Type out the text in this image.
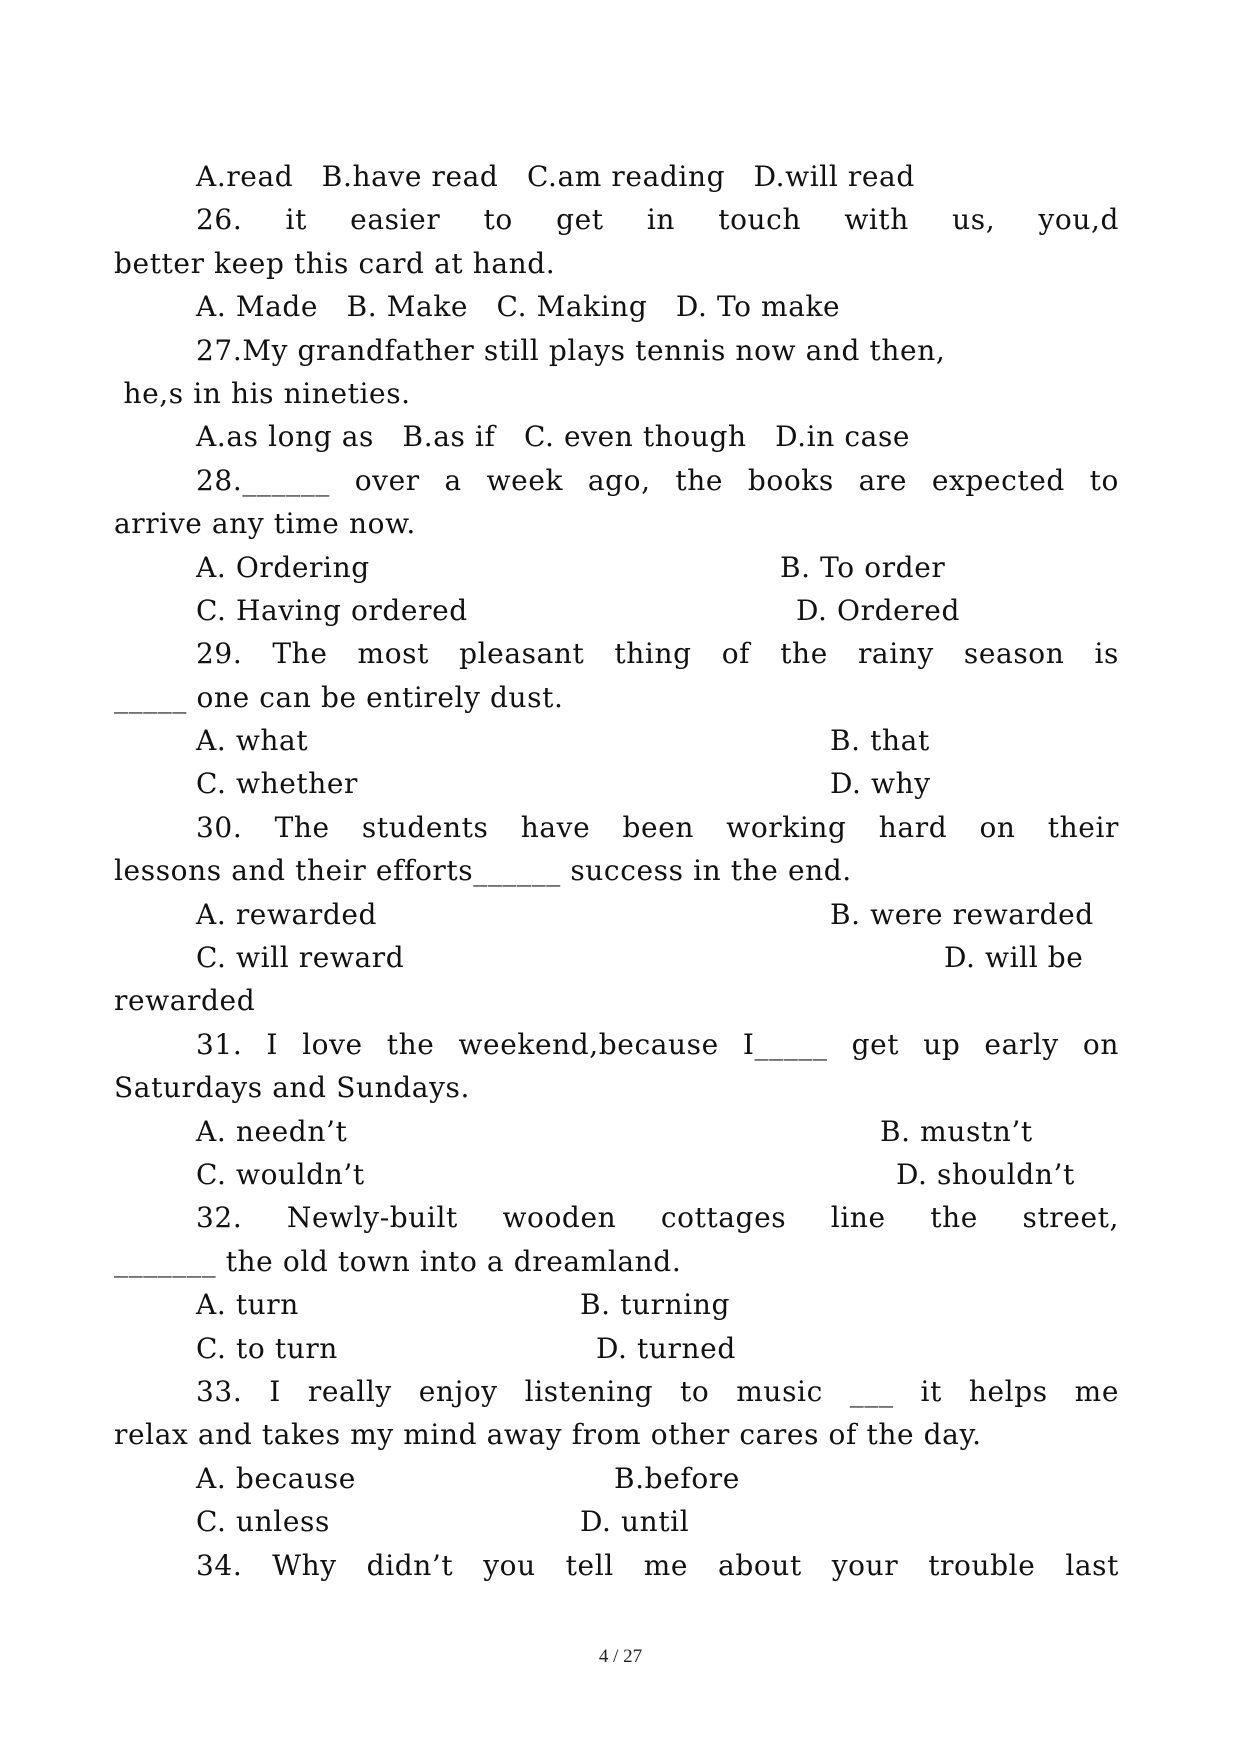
A.read   B.have read   C.am reading   D.will read
26. it easier to get in touch with us, you,d
better keep this card at hand.
A. Made   B. Make   C. Making   D. To make
27.My grandfather still plays tennis now and then,
he,s in his nineties.
A.as long as   B.as if   C. even though   D.in case
28.______ over a week ago, the books are expected to
arrive any time now.

A. Ordering

	B. To order

C. Having ordered

	D. Ordered

29. The most pleasant thing of the rainy season is
_____ one can be entirely dust.

A. what

	B. that

C. whether

	D. why

30. The students have been working hard on their
lessons and their efforts______ success in the end.

A. rewarded

	B. were rewarded

C. will reward

	D. will be

rewarded
31. I love the weekend,because I_____ get up early on
Saturdays and Sundays.

A. needn’t

	B. mustn’t

C. wouldn’t

	D. shouldn’t

32. Newly-built wooden cottages line the street,
_______ the old town into a dreamland.

A. turn

	B. turning

C. to turn

	D. turned

33. I really enjoy listening to music ___ it helps me
relax and takes my mind away from other cares of the day.

A. because

	B.before

C. unless

	D. until

34. Why didn’t you tell me about your trouble last
4 / 27
